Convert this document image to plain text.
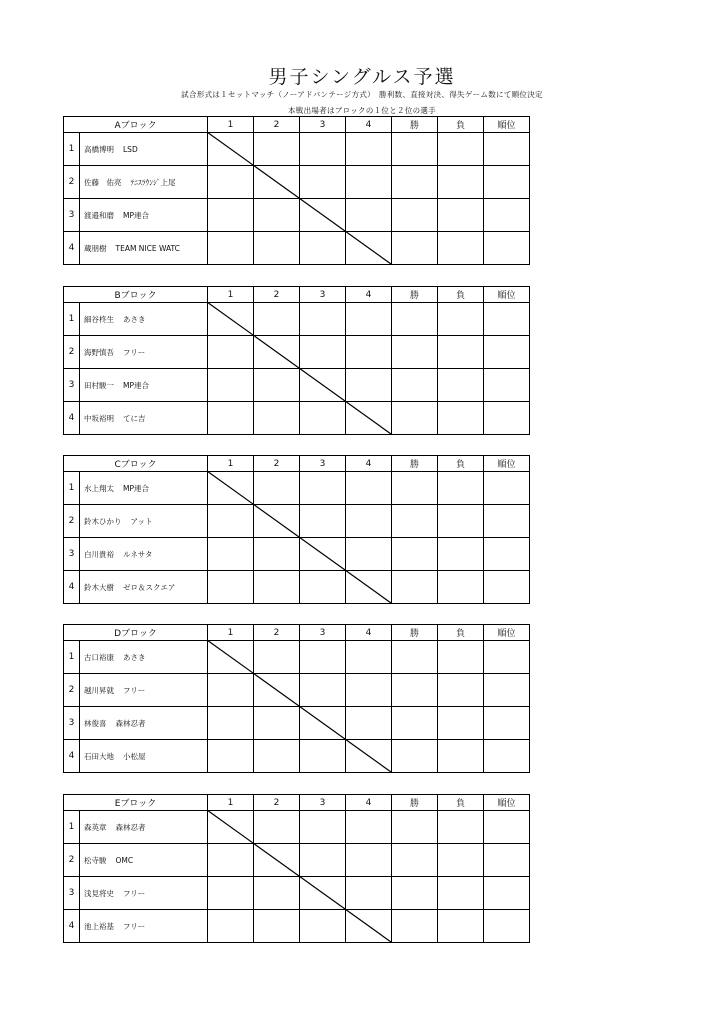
男子シングルス予選
試合形式は１セットマッチ（ノーアドバンテージ方式）　勝利数、直接対決、得失ゲーム数にて順位決定
本戦出場者はブロックの１位と２位の選手
Aブロック		1	2	3	4	勝	負	順位
1	高橋博明 LSD							
2	佐藤　佑亮 ﾃﾆｽﾗｳﾝｼﾞ上尾							
3	渡邉和磨 MP連合							
4	蔵朋樹 TEAM NICE WATC							
Bブロック		1	2	3	4	勝	負	順位
1	細谷柊生 あさき							
2	海野慎吾 フリー							
3	田村駿一 MP連合							
4	中坂裕明 てに吉							
Cブロック		1	2	3	4	勝	負	順位
1	水上翔太 MP連合							
2	鈴木ひかり アット							
3	白川貴裕 ルネサタ							
4	鈴木大樹 ゼロ＆スクエア							
Dブロック		1	2	3	4	勝	負	順位
1	古口裕康 あさき							
2	越川昇就 フリー							
3	林俊喜 森林忍者							
4	石田大地 小松屋							
Eブロック		1	2	3	4	勝	負	順位
1	森英章 森林忍者							
2	松寺駿 OMC							
3	浅見将史 フリー							
4	池上裕基 フリー							
